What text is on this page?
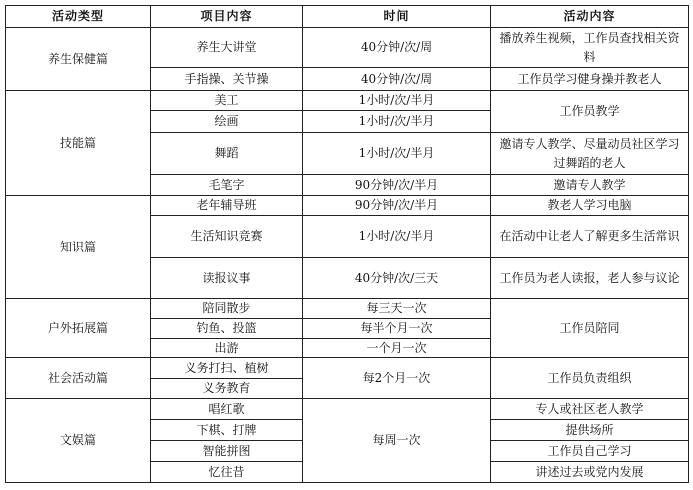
活动类型	项目内容	时间	活动内容
养生保健篇	养生大讲堂	40分钟/次/周	播放养生视频，工作员查找相关资料

	手指操、关节操	40分钟/次/周	工作员学习健身操并教老人
技能篇	美工	1小时/次/半月	工作员教学
	绘画	1小时/次/半月	
	舞蹈	1小时/次/半月	邀请专人教学、尽量动员社区学习过舞蹈的老人

	毛笔字	90分钟/次/半月	邀请专人教学
知识篇	老年辅导班	90分钟/次/半月	教老人学习电脑
	生活知识竞赛	1小时/次/半月	在活动中让老人了解更多生活常识

	读报议事	40分钟/次/三天	工作员为老人读报，老人参与议论

户外拓展篇	陪同散步	每三天一次	工作员陪同
	钓鱼、投篮	每半个月一次	
	出游	一个月一次	
社会活动篇	义务打扫、植树	每2个月一次	工作员负责组织
	义务教育		
文娱篇	唱红歌	每周一次	专人或社区老人教学
	下棋、打牌		提供场所
	智能拼图		工作员自己学习
	忆往昔		讲述过去或党内发展
